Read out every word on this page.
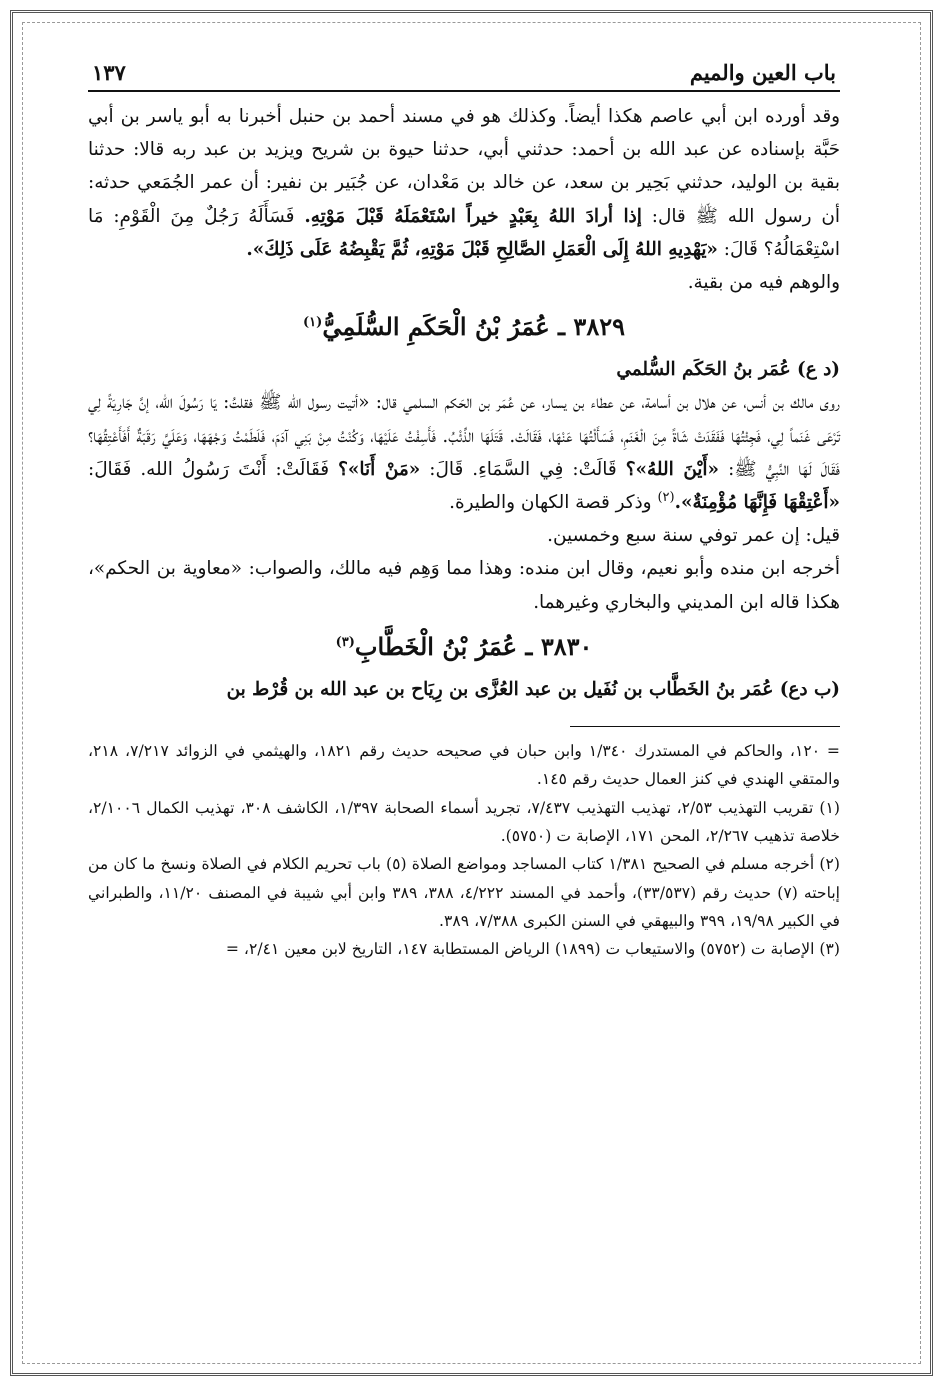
باب العين والميم
١٣٧

وقد أورده ابن أبي عاصم هكذا أيضاً. وكذلك هو في مسند أحمد بن حنبل أخبرنا به أبو ياسر بن أبي حَبَّة بإسناده عن عبد الله بن أحمد: حدثني أبي، حدثنا حيوة بن شريح ويزيد بن عبد ربه قالا: حدثنا بقية بن الوليد، حدثني بَحِير بن سعد، عن خالد بن مَعْدان، عن جُبَير بن نفير: أن عمر الجُمَعي حدثه: أن رسول الله ﷺ قال: إذا أرادَ اللهُ بِعَبْدٍ خيراً اسْتَعْمَلَهُ قَبْلَ مَوْتِهِ. فَسَأَلَهُ رَجُلٌ مِنَ الْقَوْمِ: مَا اسْتِعْمَالُهُ؟ قَالَ: «يَهْدِيهِ اللهُ إِلَى الْعَمَلِ الصَّالِحِ قَبْلَ مَوْتِهِ، ثُمَّ يَقْبِضُهُ عَلَى ذَلِكَ».

والوهم فيه من بقية.

٣٨٢٩ ـ عُمَرُ بْنُ الْحَكَمِ السُّلَمِيُّ$^{(١)}$

(د ع) عُمَر بنُ الحَكَم السُّلمي

روى مالك بن أنس، عن هلال بن أسامة، عن عطاء بن يسار، عن عُمَر بن الحَكم السلمي قال: «أتيت رسول الله ﷺ فقلتُ: يَا رَسُولَ الله، إنَّ جَارِيَةً لِي تَرْعَى غَنَماً لِي، فَجِئْتُهَا فَفَقَدَتْ شَاةً مِنَ الْغَنَمِ، فَسَأَلْتُهَا عَنْهَا، فَقَالَتْ. قَتَلَهَا الذِّئْبُ. فَأَسِفْتُ عَلَيْهَا، وَكُنْتُ مِنْ بَنِي آدَمَ، فَلَطَمْتُ وَجْهَهَا، وَعَلَيَّ رَقَبَةٌ أَفَأَعْتِقُهَا؟ فَقَالَ لَهَا النَّبِيُّ ﷺ: «أَيْنَ اللهُ»؟ قَالَتْ: فِي السَّمَاءِ. قَالَ: «مَنْ أَنَا»؟ فَقَالَتْ: أَنْتَ رَسُولُ الله. فَقَالَ: «أَعْتِقْهَا فَإِنَّهَا مُؤْمِنَةٌ».$^{(٢)}$ وذكر قصة الكهان والطيرة.

قيل: إن عمر توفي سنة سبع وخمسين.

أخرجه ابن منده وأبو نعيم، وقال ابن منده: وهذا مما وَهِم فيه مالك، والصواب: «معاوية بن الحكم»، هكذا قاله ابن المديني والبخاري وغيرهما.

٣٨٣٠ ـ عُمَرُ بْنُ الْخَطَّابِ$^{(٣)}$

(ب دع) عُمَر بنُ الخَطَّاب بن نُفَيل بن عبد العُزَّى بن رِيَاح بن عبد الله بن قُرْط بن

= ١٢٠، والحاكم في المستدرك ١/٣٤٠ وابن حبان في صحيحه حديث رقم ١٨٢١، والهيثمي في الزوائد ٧/٢١٧، ٢١٨، والمتقي الهندي في كنز العمال حديث رقم ١٤٥.

(١) تقريب التهذيب ٢/٥٣، تهذيب التهذيب ٧/٤٣٧، تجريد أسماء الصحابة ١/٣٩٧، الكاشف ٣٠٨، تهذيب الكمال ٢/١٠٠٦، خلاصة تذهيب ٢/٢٦٧، المحن ١٧١، الإصابة ت (٥٧٥٠).

(٢) أخرجه مسلم في الصحيح ١/٣٨١ كتاب المساجد ومواضع الصلاة (٥) باب تحريم الكلام في الصلاة ونسخ ما كان من إباحته (٧) حديث رقم (٣٣/٥٣٧)، وأحمد في المسند ٤/٢٢٢، ٣٨٨، ٣٨٩ وابن أبي شيبة في المصنف ١١/٢٠، والطبراني في الكبير ١٩/٩٨، ٣٩٩ والبيهقي في السنن الكبرى ٧/٣٨٨، ٣٨٩.

(٣) الإصابة ت (٥٧٥٢) والاستيعاب ت (١٨٩٩) الرياض المستطابة ١٤٧، التاريخ لابن معين ٢/٤١، =
